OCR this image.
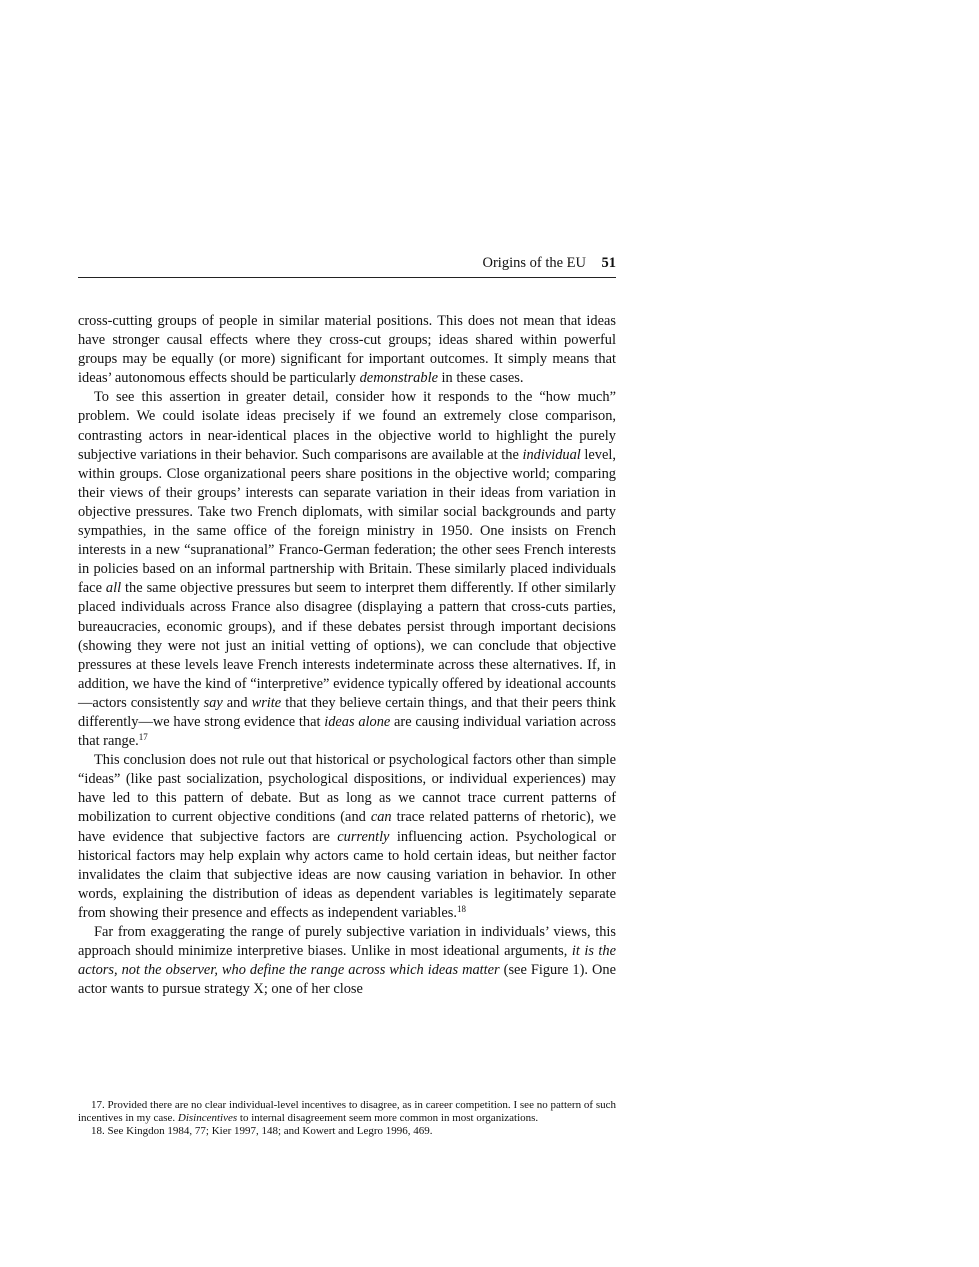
Origins of the EU 51

cross-cutting groups of people in similar material positions. This does not mean that ideas have stronger causal effects where they cross-cut groups; ideas shared within powerful groups may be equally (or more) significant for important outcomes. It simply means that ideas’ autonomous effects should be particularly demonstrable in these cases.

To see this assertion in greater detail, consider how it responds to the “how much” problem. We could isolate ideas precisely if we found an extremely close comparison, contrasting actors in near-identical places in the objective world to highlight the purely subjective variations in their behavior. Such comparisons are available at the individual level, within groups. Close organizational peers share positions in the objective world; comparing their views of their groups’ interests can separate variation in their ideas from variation in objective pressures. Take two French diplomats, with similar social backgrounds and party sympathies, in the same office of the foreign ministry in 1950. One insists on French interests in a new “supranational” Franco-German federation; the other sees French interests in policies based on an informal partnership with Britain. These similarly placed individuals face all the same objective pressures but seem to interpret them differently. If other similarly placed individuals across France also disagree (displaying a pattern that cross-cuts parties, bureaucracies, economic groups), and if these debates persist through important decisions (showing they were not just an initial vetting of options), we can conclude that objective pressures at these levels leave French interests indeterminate across these alternatives. If, in addition, we have the kind of “interpretive” evidence typically offered by ideational accounts—actors consistently say and write that they believe certain things, and that their peers think differently—we have strong evidence that ideas alone are causing individual variation across that range.$^{17}$

This conclusion does not rule out that historical or psychological factors other than simple “ideas” (like past socialization, psychological dispositions, or individual experiences) may have led to this pattern of debate. But as long as we cannot trace current patterns of mobilization to current objective conditions (and can trace related patterns of rhetoric), we have evidence that subjective factors are currently influencing action. Psychological or historical factors may help explain why actors came to hold certain ideas, but neither factor invalidates the claim that subjective ideas are now causing variation in behavior. In other words, explaining the distribution of ideas as dependent variables is legitimately separate from showing their presence and effects as independent variables.$^{18}$

Far from exaggerating the range of purely subjective variation in individuals’ views, this approach should minimize interpretive biases. Unlike in most ideational arguments, it is the actors, not the observer, who define the range across which ideas matter (see Figure 1). One actor wants to pursue strategy X; one of her close

17. Provided there are no clear individual-level incentives to disagree, as in career competition. I see no pattern of such incentives in my case. Disincentives to internal disagreement seem more common in most organizations.

18. See Kingdon 1984, 77; Kier 1997, 148; and Kowert and Legro 1996, 469.
